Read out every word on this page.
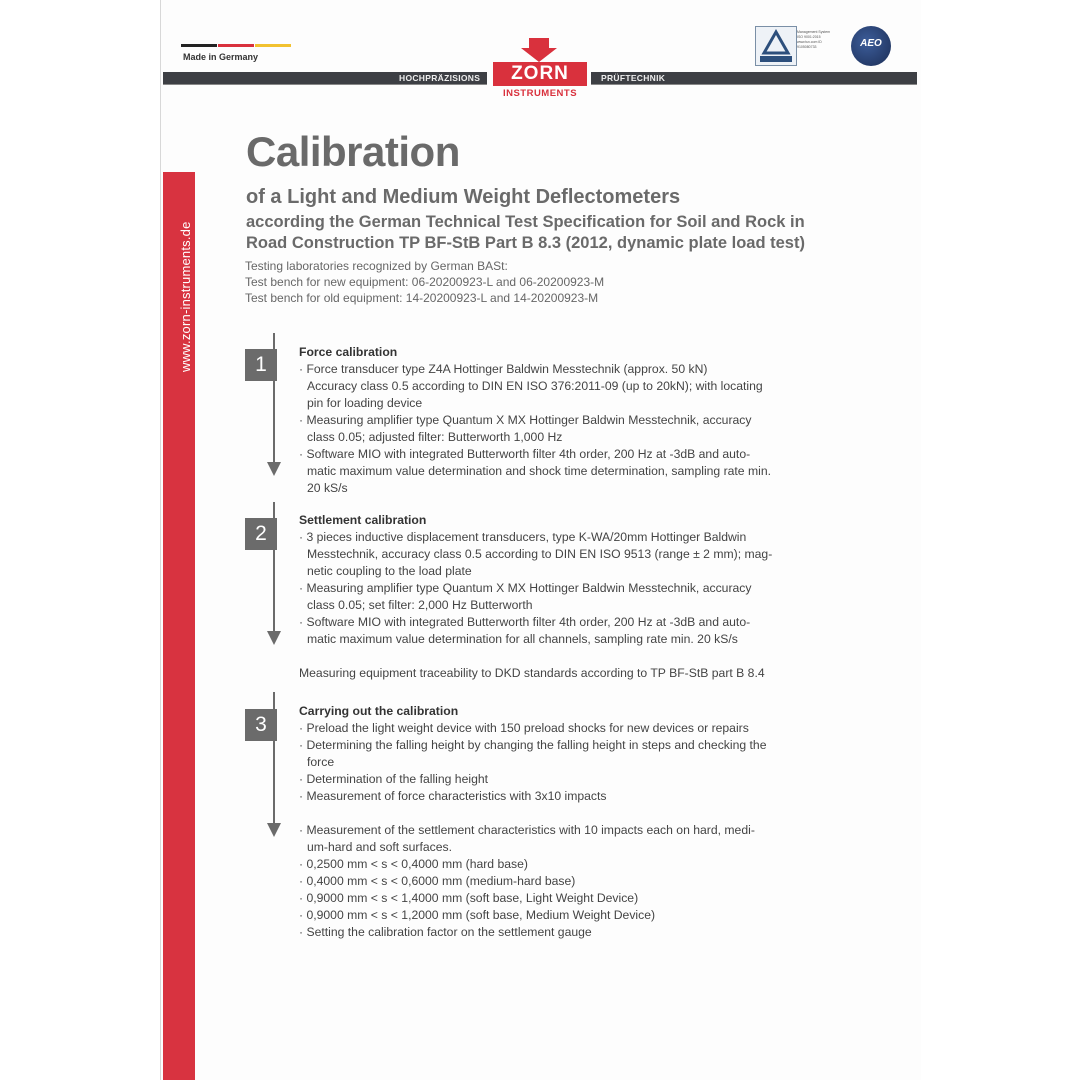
Made in Germany
HOCHPRÄZISIONS	PRÜFTECHNIK
ZORN
INSTRUMENTS
Management System ISO 9001:2015 www.tuv.com ID 9105080733	AEO
www.zorn-instruments.de
Calibration
of a Light and Medium Weight Deflectometers
according the German Technical Test Specification for Soil and Rock in
Road Construction TP BF-StB Part B 8.3 (2012, dynamic plate load test)
Testing laboratories recognized by German BASt:
Test bench for new equipment: 06-20200923-L and 06-20200923-M
Test bench for old equipment: 14-20200923-L and 14-20200923-M
1
Force calibration
· Force transducer type Z4A Hottinger Baldwin Messtechnik (approx. 50 kN)
Accuracy class 0.5 according to DIN EN ISO 376:2011-09 (up to 20kN); with locating
pin for loading device
· Measuring amplifier type Quantum X MX Hottinger Baldwin Messtechnik, accuracy
class 0.05; adjusted filter: Butterworth 1,000 Hz
· Software MIO with integrated Butterworth filter 4th order, 200 Hz at -3dB and auto-
matic maximum value determination and shock time determination, sampling rate min.
20 kS/s
2
Settlement calibration
· 3 pieces inductive displacement transducers, type K-WA/20mm Hottinger Baldwin
Messtechnik, accuracy class 0.5 according to DIN EN ISO 9513 (range ± 2 mm); mag-
netic coupling to the load plate
· Measuring amplifier type Quantum X MX Hottinger Baldwin Messtechnik, accuracy
class 0.05; set filter: 2,000 Hz Butterworth
· Software MIO with integrated Butterworth filter 4th order, 200 Hz at -3dB and auto-
matic maximum value determination for all channels, sampling rate min. 20 kS/s
Measuring equipment traceability to DKD standards according to TP BF-StB part B 8.4
3
Carrying out the calibration
· Preload the light weight device with 150 preload shocks for new devices or repairs
· Determining the falling height by changing the falling height in steps and checking the
force
· Determination of the falling height
· Measurement of force characteristics with 3x10 impacts
· Measurement of the settlement characteristics with 10 impacts each on hard, medi-
um-hard and soft surfaces.
· 0,2500 mm < s < 0,4000 mm (hard base)
· 0,4000 mm < s < 0,6000 mm (medium-hard base)
· 0,9000 mm < s < 1,4000 mm (soft base, Light Weight Device)
· 0,9000 mm < s < 1,2000 mm (soft base, Medium Weight Device)
· Setting the calibration factor on the settlement gauge
